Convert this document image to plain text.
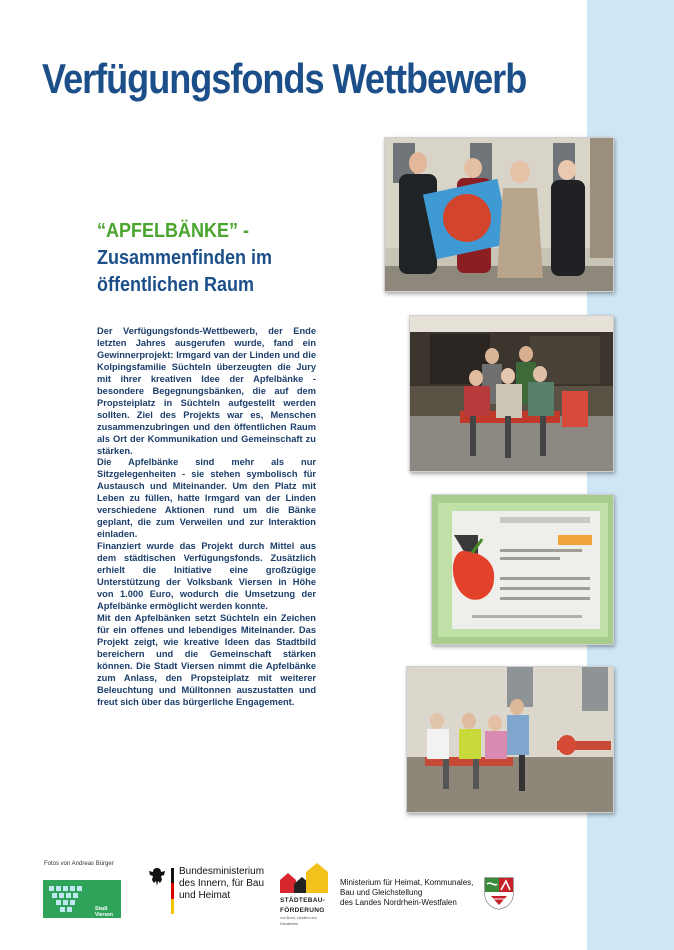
Verfügungsfonds Wettbewerb
“APFELBÄNKE” -
Zusammenfinden im
öffentlichen Raum

Der Verfügungsfonds-Wettbewerb, der Ende letzten Jahres ausgerufen wurde, fand ein Gewinnerprojekt: Irmgard van der Linden und die Kolpingsfamilie Süchteln überzeugten die Jury mit ihrer kreativen Idee der Apfelbänke - besondere Begegnungsbänken, die auf dem Propsteiplatz in Süchteln aufgestellt werden sollten. Ziel des Projekts war es, Menschen zusammenzubringen und den öffentlichen Raum als Ort der Kommunikation und Gemeinschaft zu stärken.

Die Apfelbänke sind mehr als nur Sitzgelegenheiten - sie stehen symbolisch für Austausch und Miteinander. Um den Platz mit Leben zu füllen, hatte Irmgard van der Linden verschiedene Aktionen rund um die Bänke geplant, die zum Verweilen und zur Interaktion einladen.

Finanziert wurde das Projekt durch Mittel aus dem städtischen Verfügungsfonds. Zusätzlich erhielt die Initiative eine großzügige Unterstützung der Volksbank Viersen in Höhe von 1.000 Euro, wodurch die Umsetzung der Apfelbänke ermöglicht werden konnte.

Mit den Apfelbänken setzt Süchteln ein Zeichen für ein offenes und lebendiges Miteinander. Das Projekt zeigt, wie kreative Ideen das Stadtbild bereichern und die Gemeinschaft stärken können. Die Stadt Viersen nimmt die Apfelbänke zum Anlass, den Propsteiplatz mit weiterer Beleuchtung und Mülltonnen auszustatten und freut sich über das bürgerliche Engagement.

Fotos von Andreas Bürger
Stadt Viersen
Bundesministerium
des Innern, für Bau
und Heimat	STÄDTEBAU-
FÖRDERUNG
von Bund, Ländern und
Gemeinden
Ministerium für Heimat, Kommunales,
Bau und Gleichstellung
des Landes Nordrhein-Westfalen
